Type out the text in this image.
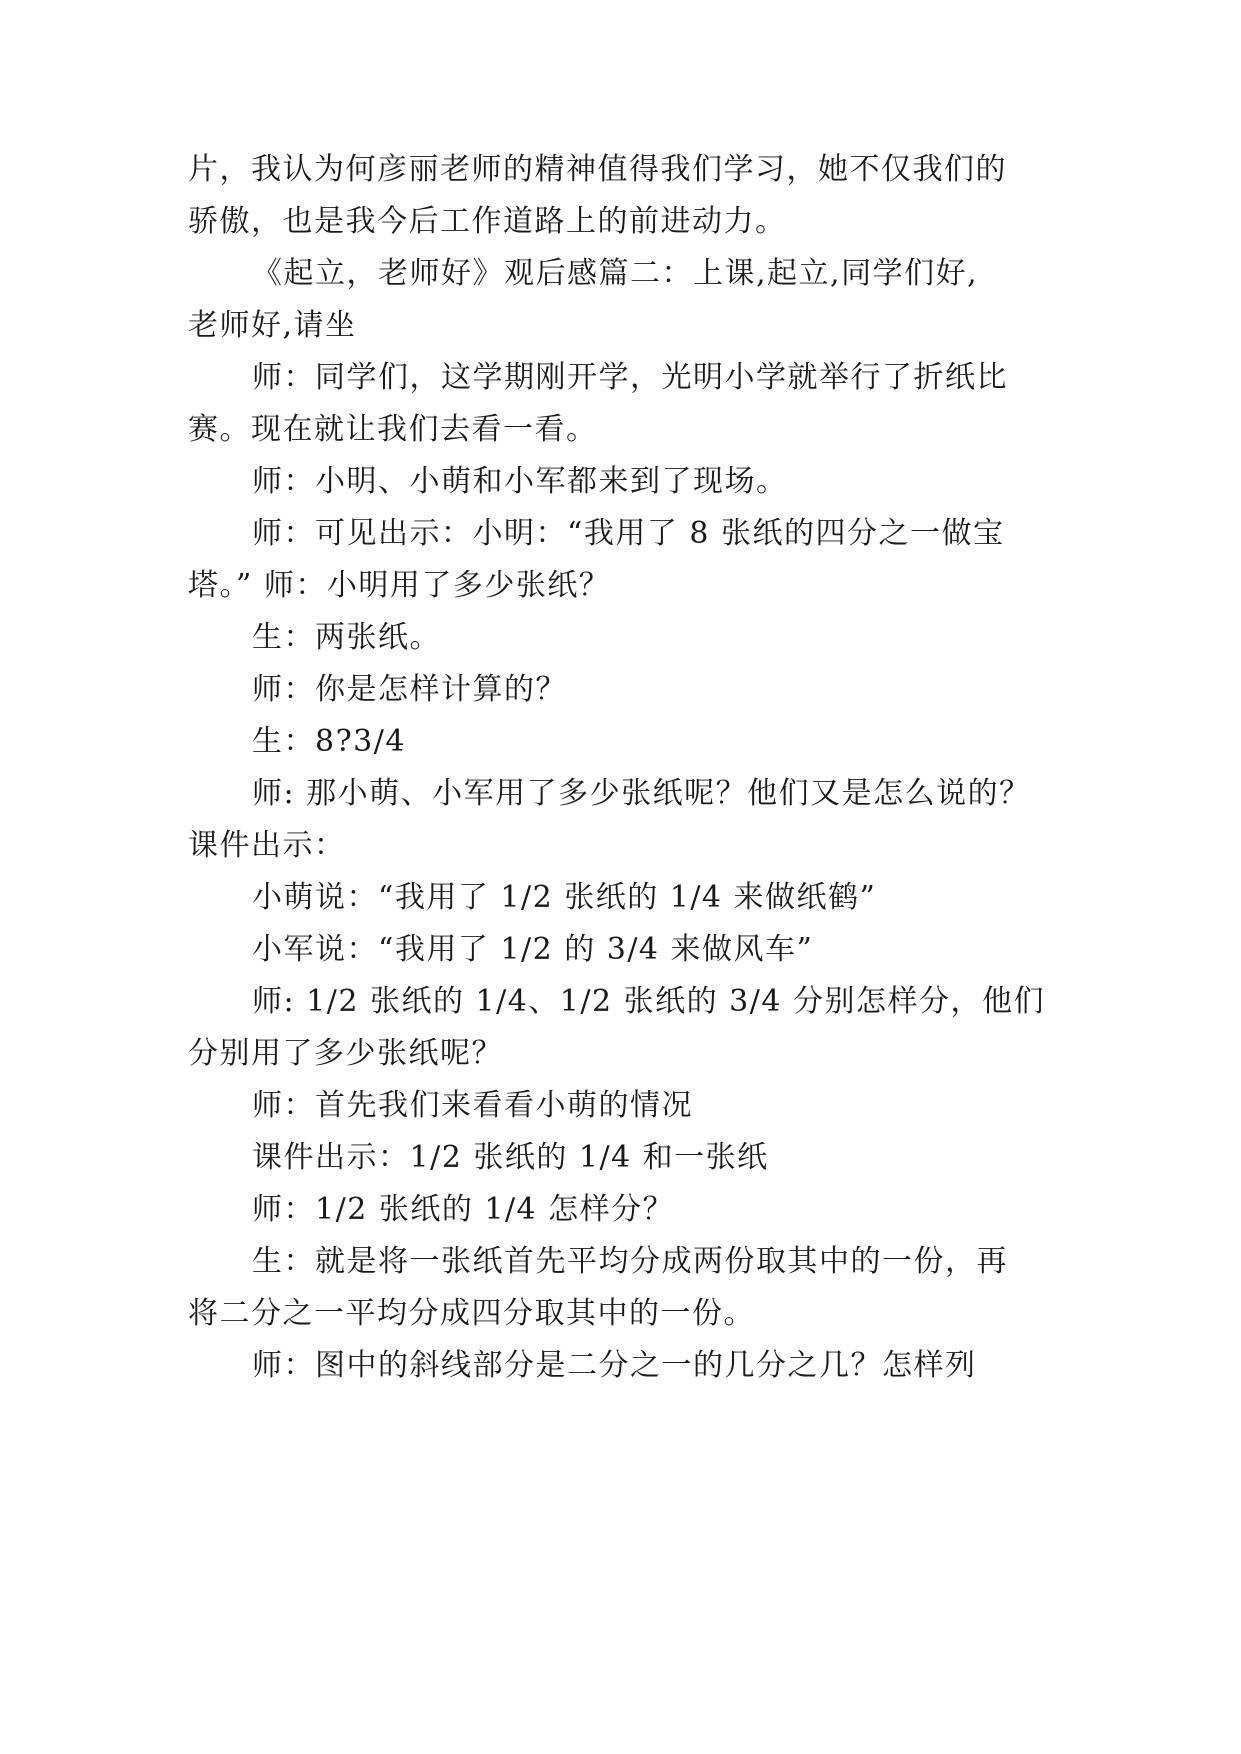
片，我认为何彦丽老师的精神值得我们学习，她不仅我们的
骄傲，也是我今后工作道路上的前进动力。
《起立，老师好》观后感篇二：上课,起立,同学们好,
老师好,请坐
师：同学们，这学期刚开学，光明小学就举行了折纸比
赛。现在就让我们去看一看。
师：小明、小萌和小军都来到了现场。
师：可见出示：小明：“我用了 8 张纸的四分之一做宝
塔。” 师：小明用了多少张纸？
生：两张纸。
师：你是怎样计算的？
生：8?3/4
师: 那小萌、小军用了多少张纸呢？他们又是怎么说的？
课件出示：
小萌说：“我用了 1/2 张纸的 1/4 来做纸鹤”
小军说：“我用了 1/2 的 3/4 来做风车”
师: 1/2 张纸的 1/4、1/2 张纸的 3/4 分别怎样分，他们
分别用了多少张纸呢？
师：首先我们来看看小萌的情况
课件出示：1/2 张纸的 1/4 和一张纸
师：1/2 张纸的 1/4 怎样分？
生：就是将一张纸首先平均分成两份取其中的一份，再
将二分之一平均分成四分取其中的一份。
师：图中的斜线部分是二分之一的几分之几？怎样列
